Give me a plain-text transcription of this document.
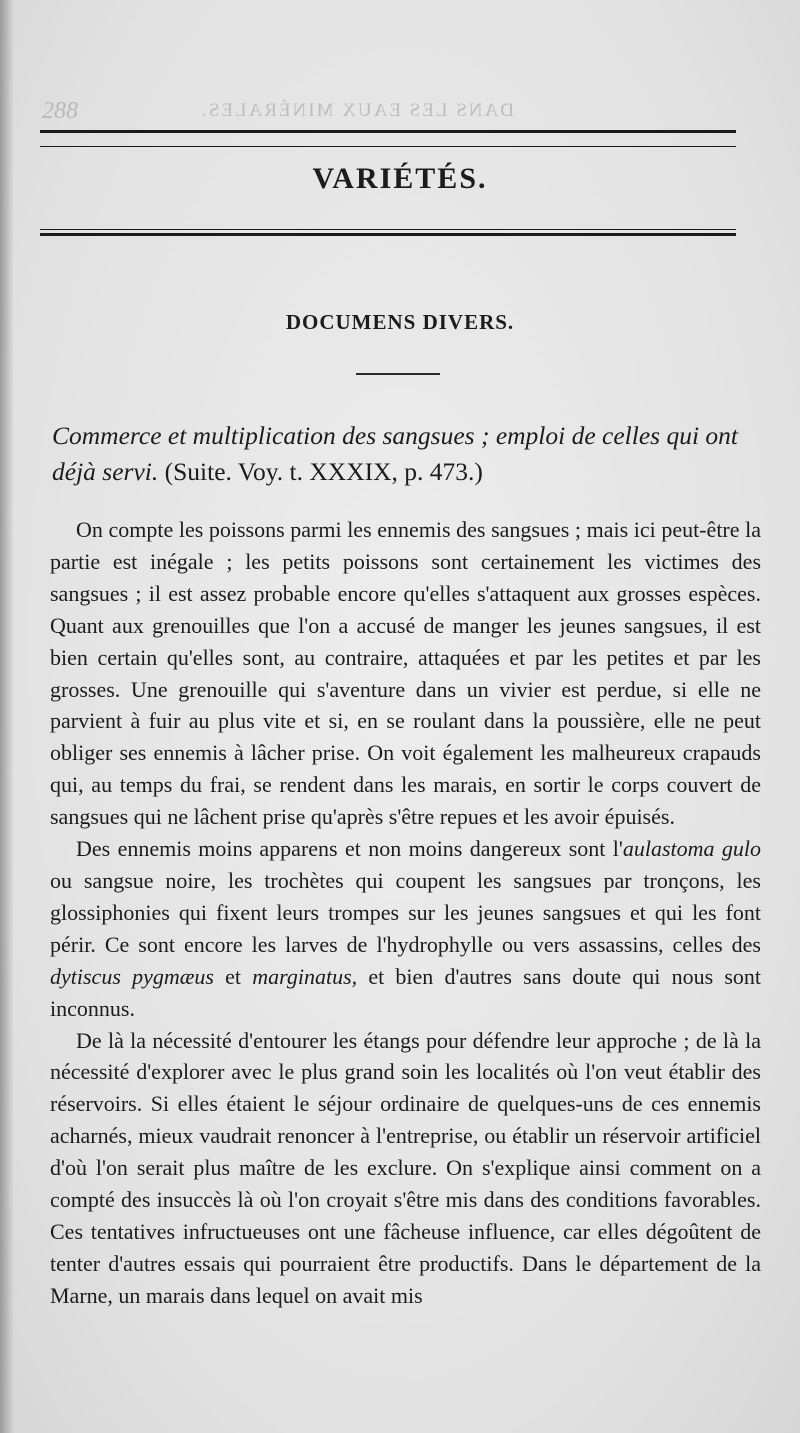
DANS LES EAUX MINÉRALES.
288
VARIÉTÉS.
DOCUMENS DIVERS.
Commerce et multiplication des sangsues ; emploi de celles qui ont déjà servi. (Suite. Voy. t. XXXIX, p. 473.)

On compte les poissons parmi les ennemis des sangsues ; mais ici peut-être la partie est inégale ; les petits poissons sont certainement les victimes des sangsues ; il est assez probable encore qu'elles s'attaquent aux grosses espèces. Quant aux grenouilles que l'on a accusé de manger les jeunes sangsues, il est bien certain qu'elles sont, au contraire, attaquées et par les petites et par les grosses. Une grenouille qui s'aventure dans un vivier est perdue, si elle ne parvient à fuir au plus vite et si, en se roulant dans la poussière, elle ne peut obliger ses ennemis à lâcher prise. On voit également les malheureux crapauds qui, au temps du frai, se rendent dans les marais, en sortir le corps couvert de sangsues qui ne lâchent prise qu'après s'être repues et les avoir épuisés.

Des ennemis moins apparens et non moins dangereux sont l'aulastoma gulo ou sangsue noire, les trochètes qui coupent les sangsues par tronçons, les glossiphonies qui fixent leurs trompes sur les jeunes sangsues et qui les font périr. Ce sont encore les larves de l'hydrophylle ou vers assassins, celles des dytiscus pygmæus et marginatus, et bien d'autres sans doute qui nous sont inconnus.

De là la nécessité d'entourer les étangs pour défendre leur approche ; de là la nécessité d'explorer avec le plus grand soin les localités où l'on veut établir des réservoirs. Si elles étaient le séjour ordinaire de quelques-uns de ces ennemis acharnés, mieux vaudrait renoncer à l'entreprise, ou établir un réservoir artificiel d'où l'on serait plus maître de les exclure. On s'explique ainsi comment on a compté des insuccès là où l'on croyait s'être mis dans des conditions favorables. Ces tentatives infructueuses ont une fâcheuse influence, car elles dégoûtent de tenter d'autres essais qui pourraient être productifs. Dans le département de la Marne, un marais dans lequel on avait mis
